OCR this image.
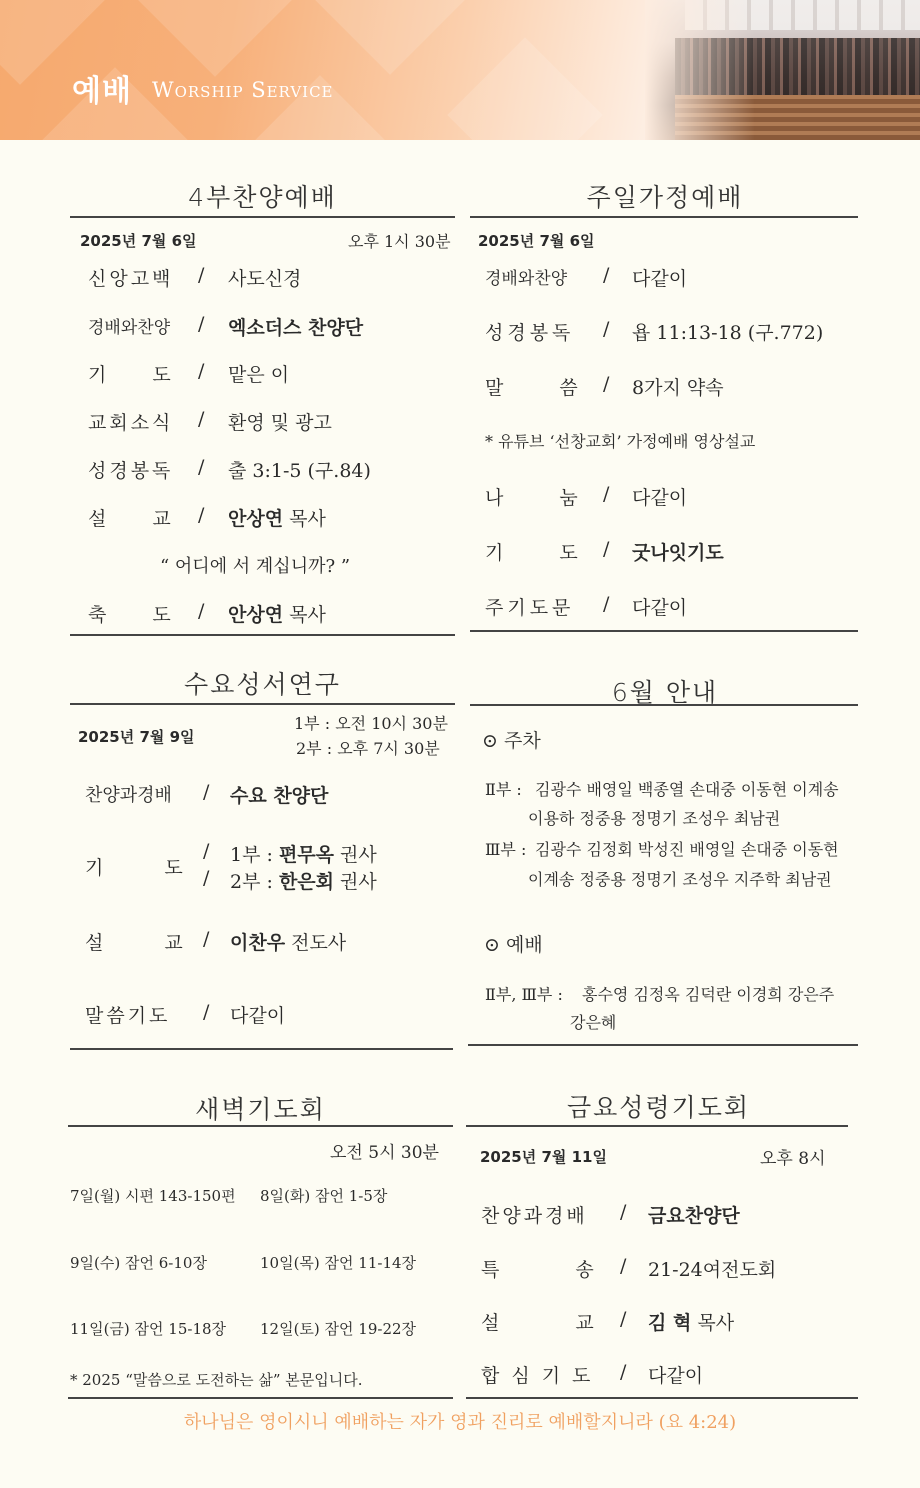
예배 Worship Service
4부찬양예배
2025년 7월 6일	오후 1시 30분
신앙고백 / 사도신경
경배와찬양 / 엑소더스 찬양단
기 도 / 맡은 이
교회소식 / 환영 및 광고
성경봉독 / 출 3:1-5 (구.84)
설 교 / 안상연 목사
“ 어디에 서 계십니까? ”
축 도 / 안상연 목사
주일가정예배
2025년 7월 6일
경배와찬양 / 다같이
성경봉독 / 욥 11:13-18 (구.772)
말 씀 / 8가지 약속
* 유튜브 ‘선창교회’ 가정예배 영상설교
나 눔 / 다같이
기 도 / 굿나잇기도
주기도문 / 다같이
수요성서연구
2025년 7월 9일
1부 : 오전 10시 30분
2부 : 오후 7시 30분
찬양과경배 / 수요 찬양단
기 도
/ 1부 : 편무옥 권사
/ 2부 : 한은회 권사
설 교 / 이찬우 전도사
말씀기도 / 다같이
6월 안내
⊙ 주차
Ⅱ부 : 김광수 배영일 백종열 손대중 이동현 이계송
이용하 정중용 정명기 조성우 최남권
Ⅲ부 : 김광수 김정회 박성진 배영일 손대중 이동현
이계송 정중용 정명기 조성우 지주학 최남권
⊙ 예배
Ⅱ부, Ⅲ부 : 홍수영 김정옥 김덕란 이경희 강은주
강은혜
새벽기도회
오전 5시 30분
7일(월) 시편 143-150편 8일(화) 잠언 1-5장
9일(수) 잠언 6-10장	10일(목) 잠언 11-14장
11일(금) 잠언 15-18장 12일(토) 잠언 19-22장
* 2025 “말씀으로 도전하는 삶” 본문입니다.
금요성령기도회
2025년 7월 11일	오후 8시
찬양과경배 / 금요찬양단
특 송 / 21-24여전도회
설 교 / 김 혁 목사
합심기도 / 다같이
하나님은 영이시니 예배하는 자가 영과 진리로 예배할지니라 (요 4:24)
